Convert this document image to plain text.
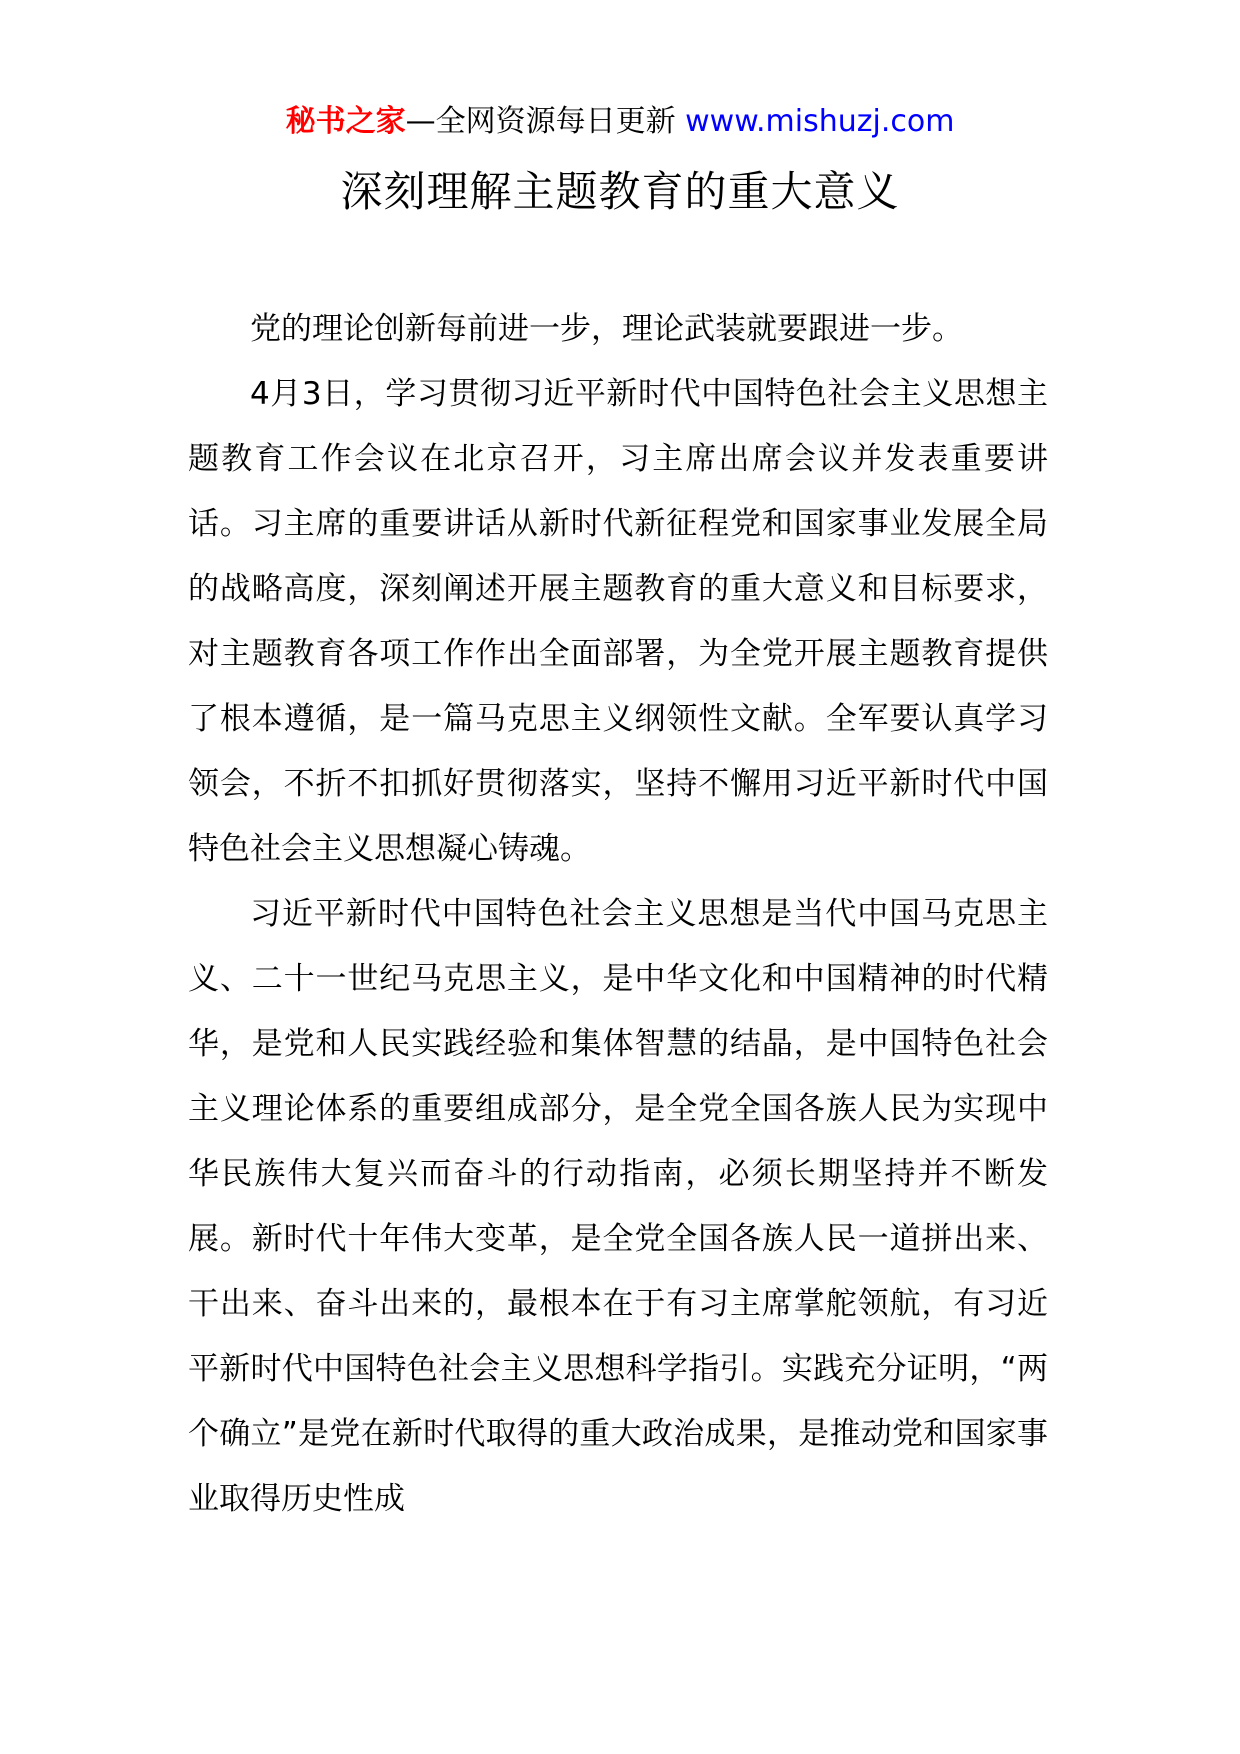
秘书之家—全网资源每日更新 www.mishuzj.com
深刻理解主题教育的重大意义

党的理论创新每前进一步，理论武装就要跟进一步。

4月3日，学习贯彻习近平新时代中国特色社会主义思想主题教育工作会议在北京召开，习主席出席会议并发表重要讲话。习主席的重要讲话从新时代新征程党和国家事业发展全局的战略高度，深刻阐述开展主题教育的重大意义和目标要求，对主题教育各项工作作出全面部署，为全党开展主题教育提供了根本遵循，是一篇马克思主义纲领性文献。全军要认真学习领会，不折不扣抓好贯彻落实，坚持不懈用习近平新时代中国特色社会主义思想凝心铸魂。

习近平新时代中国特色社会主义思想是当代中国马克思主义、二十一世纪马克思主义，是中华文化和中国精神的时代精华，是党和人民实践经验和集体智慧的结晶，是中国特色社会主义理论体系的重要组成部分，是全党全国各族人民为实现中华民族伟大复兴而奋斗的行动指南，必须长期坚持并不断发展。新时代十年伟大变革，是全党全国各族人民一道拼出来、干出来、奋斗出来的，最根本在于有习主席掌舵领航，有习近平新时代中国特色社会主义思想科学指引。实践充分证明，“两个确立”是党在新时代取得的重大政治成果，是推动党和国家事业取得历史性成
